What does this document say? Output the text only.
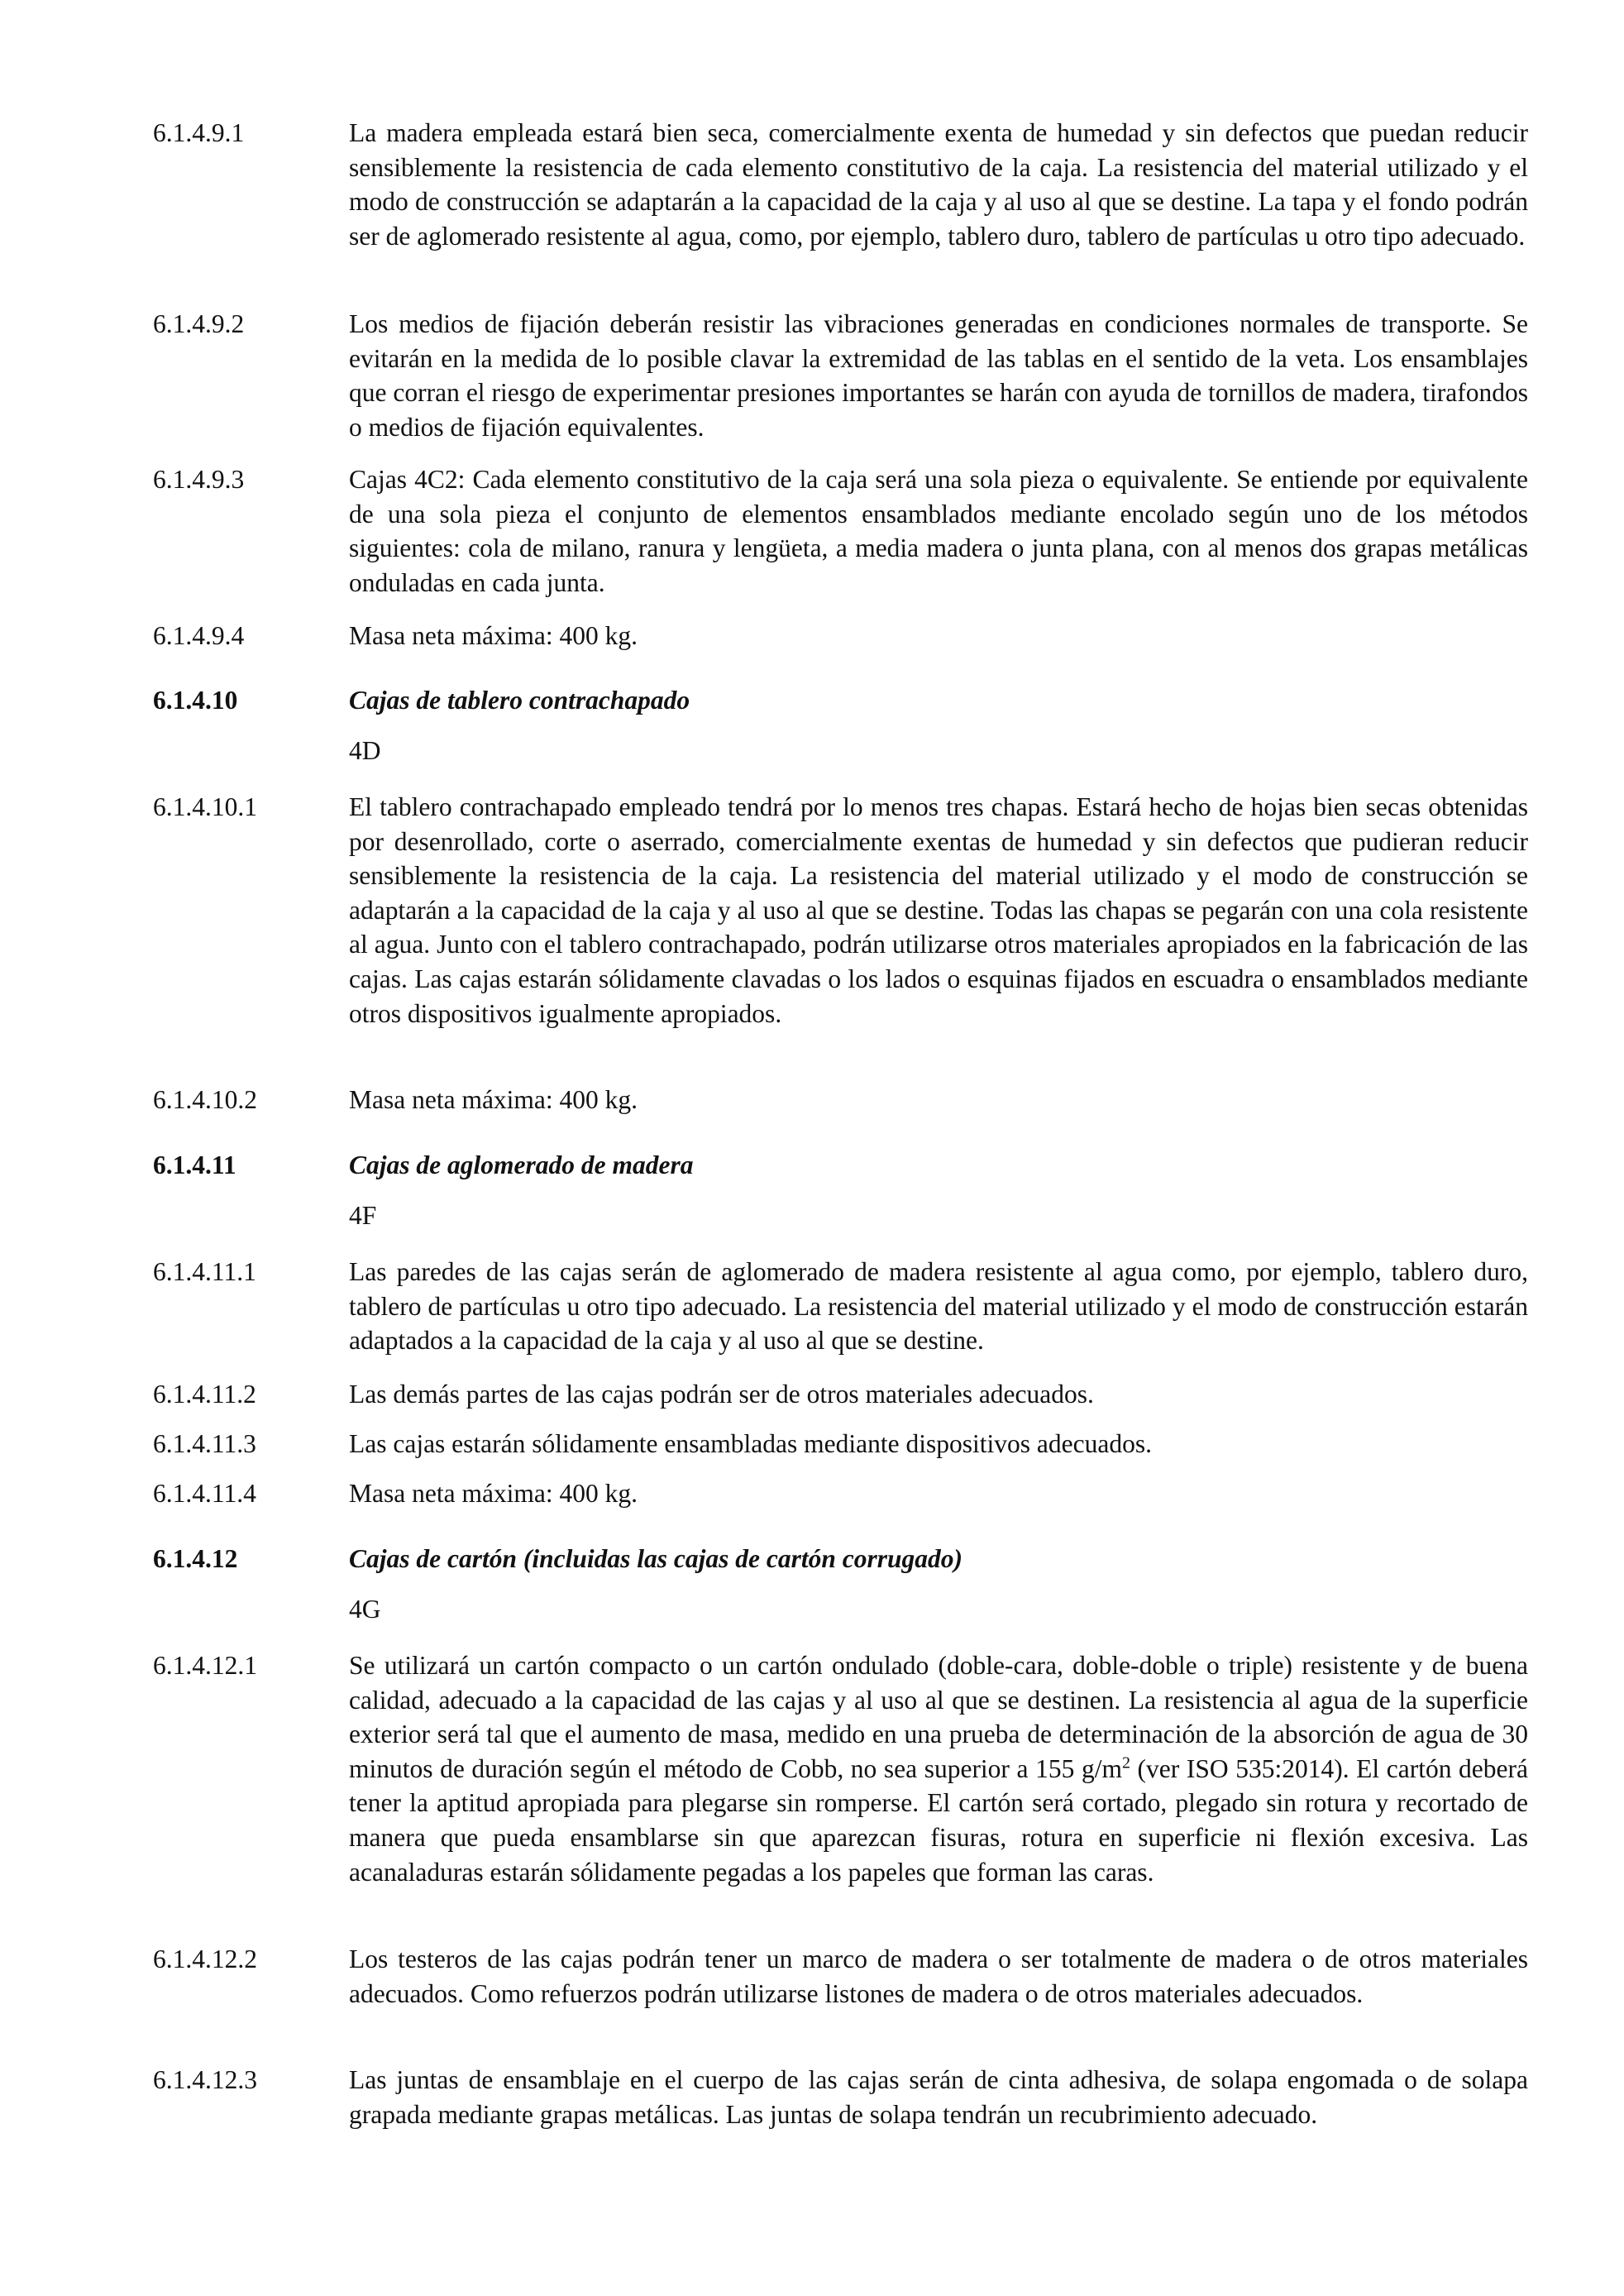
6.1.4.9.1	La madera empleada estará bien seca, comercialmente exenta de humedad y sin defectos que puedan reducir sensiblemente la resistencia de cada elemento constitutivo de la caja. La resistencia del material utilizado y el modo de construcción se adaptarán a la capacidad de la caja y al uso al que se destine. La tapa y el fondo podrán ser de aglomerado resistente al agua, como, por ejemplo, tablero duro, tablero de partículas u otro tipo adecuado.
6.1.4.9.2	Los medios de fijación deberán resistir las vibraciones generadas en condiciones normales de transporte. Se evitarán en la medida de lo posible clavar la extremidad de las tablas en el sentido de la veta. Los ensamblajes que corran el riesgo de experimentar presiones importantes se harán con ayuda de tornillos de madera, tirafondos o medios de fijación equivalentes.
6.1.4.9.3	Cajas 4C2: Cada elemento constitutivo de la caja será una sola pieza o equivalente. Se entiende por equivalente de una sola pieza el conjunto de elementos ensamblados mediante encolado según uno de los métodos siguientes: cola de milano, ranura y lengüeta, a media madera o junta plana, con al menos dos grapas metálicas onduladas en cada junta.
6.1.4.9.4	Masa neta máxima: 400 kg.
6.1.4.10	Cajas de tablero contrachapado
4D
6.1.4.10.1	El tablero contrachapado empleado tendrá por lo menos tres chapas. Estará hecho de hojas bien secas obtenidas por desenrollado, corte o aserrado, comercialmente exentas de humedad y sin defectos que pudieran reducir sensiblemente la resistencia de la caja. La resistencia del material utilizado y el modo de construcción se adaptarán a la capacidad de la caja y al uso al que se destine. Todas las chapas se pegarán con una cola resistente al agua. Junto con el tablero contrachapado, podrán utilizarse otros materiales apropiados en la fabricación de las cajas. Las cajas estarán sólidamente clavadas o los lados o esquinas fijados en escuadra o ensamblados mediante otros dispositivos igualmente apropiados.
6.1.4.10.2	Masa neta máxima: 400 kg.
6.1.4.11	Cajas de aglomerado de madera
4F
6.1.4.11.1	Las paredes de las cajas serán de aglomerado de madera resistente al agua como, por ejemplo, tablero duro, tablero de partículas u otro tipo adecuado. La resistencia del material utilizado y el modo de construcción estarán adaptados a la capacidad de la caja y al uso al que se destine.
6.1.4.11.2	Las demás partes de las cajas podrán ser de otros materiales adecuados.
6.1.4.11.3	Las cajas estarán sólidamente ensambladas mediante dispositivos adecuados.
6.1.4.11.4	Masa neta máxima: 400 kg.
6.1.4.12	Cajas de cartón (incluidas las cajas de cartón corrugado)
4G
6.1.4.12.1	Se utilizará un cartón compacto o un cartón ondulado (doble-cara, doble-doble o triple) resistente y de buena calidad, adecuado a la capacidad de las cajas y al uso al que se destinen. La resistencia al agua de la superficie exterior será tal que el aumento de masa, medido en una prueba de determinación de la absorción de agua de 30 minutos de duración según el método de Cobb, no sea superior a 155 $g/m^2$ (ver ISO 535:2014). El cartón deberá tener la aptitud apropiada para plegarse sin romperse. El cartón será cortado, plegado sin rotura y recortado de manera que pueda ensamblarse sin que aparezcan fisuras, rotura en superficie ni flexión excesiva. Las acanaladuras estarán sólidamente pegadas a los papeles que forman las caras.
6.1.4.12.2	Los testeros de las cajas podrán tener un marco de madera o ser totalmente de madera o de otros materiales adecuados. Como refuerzos podrán utilizarse listones de madera o de otros materiales adecuados.
6.1.4.12.3	Las juntas de ensamblaje en el cuerpo de las cajas serán de cinta adhesiva, de solapa engomada o de solapa grapada mediante grapas metálicas. Las juntas de solapa tendrán un recubrimiento adecuado.
